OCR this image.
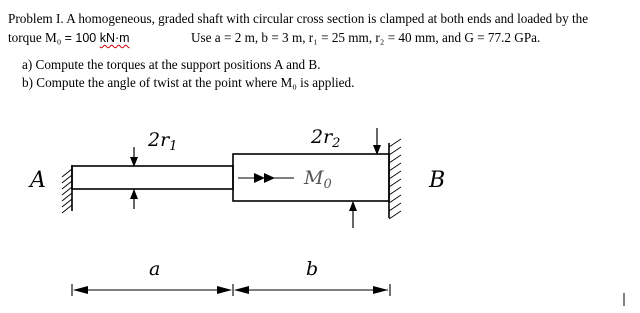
Problem I. A homogeneous, graded shaft with circular cross section is clamped at both ends and loaded by the
torque M₀ = 100 kN·m	Use a = 2 m, b = 3 m, r₁ = 25 mm, r₂ = 40 mm, and G = 77.2 GPa.
a) Compute the torques at the support positions A and B.
b) Compute the angle of twist at the point where M₀ is applied.
A	B
$2r_1$	$2r_2$
$M_0$
a	b
